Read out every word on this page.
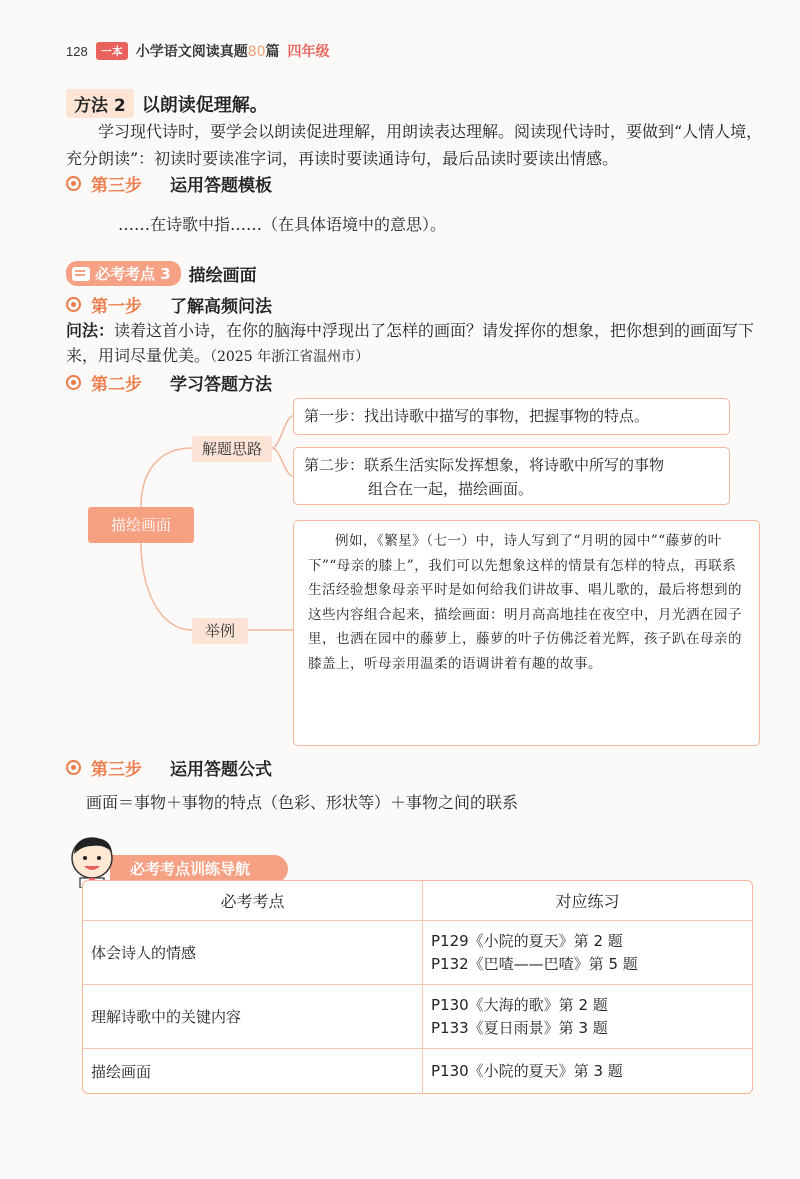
128	一本 小学语文阅读真题80篇 四年级
方法 2 以朗读促理解。
学习现代诗时，要学会以朗读促进理解，用朗读表达理解。阅读现代诗时，要做到“人情人境，充分朗读”：初读时要读准字词，再读时要读通诗句，最后品读时要读出情感。
第三步 运用答题模板
……在诗歌中指……（在具体语境中的意思）。
必考考点 3 描绘画面
第一步 了解高频问法
问法：读着这首小诗，在你的脑海中浮现出了怎样的画面？请发挥你的想象，把你想到的画面写下来，用词尽量优美。（2025 年浙江省温州市）
第二步 学习答题方法
描绘画面
解题思路
举例
第一步：找出诗歌中描写的事物，把握事物的特点。
第二步：联系生活实际发挥想象，将诗歌中所写的事物
组合在一起，描绘画面。
例如，《繁星》（七一）中，诗人写到了“月明的园中”“藤萝的叶下”“母亲的膝上”，我们可以先想象这样的情景有怎样的特点，再联系生活经验想象母亲平时是如何给我们讲故事、唱儿歌的，最后将想到的这些内容组合起来，描绘画面：明月高高地挂在夜空中，月光洒在园子里，也洒在园中的藤萝上，藤萝的叶子仿佛泛着光辉，孩子趴在母亲的膝盖上，听母亲用温柔的语调讲着有趣的故事。
第三步 运用答题公式
画面＝事物＋事物的特点（色彩、形状等）＋事物之间的联系
必考考点训练导航
必考考点	对应练习
体会诗人的情感	P129《小院的夏天》第 2 题
P132《巴喳——巴喳》第 5 题

理解诗歌中的关键内容	P130《大海的歌》第 2 题
P133《夏日雨景》第 3 题

描绘画面	P130《小院的夏天》第 3 题
